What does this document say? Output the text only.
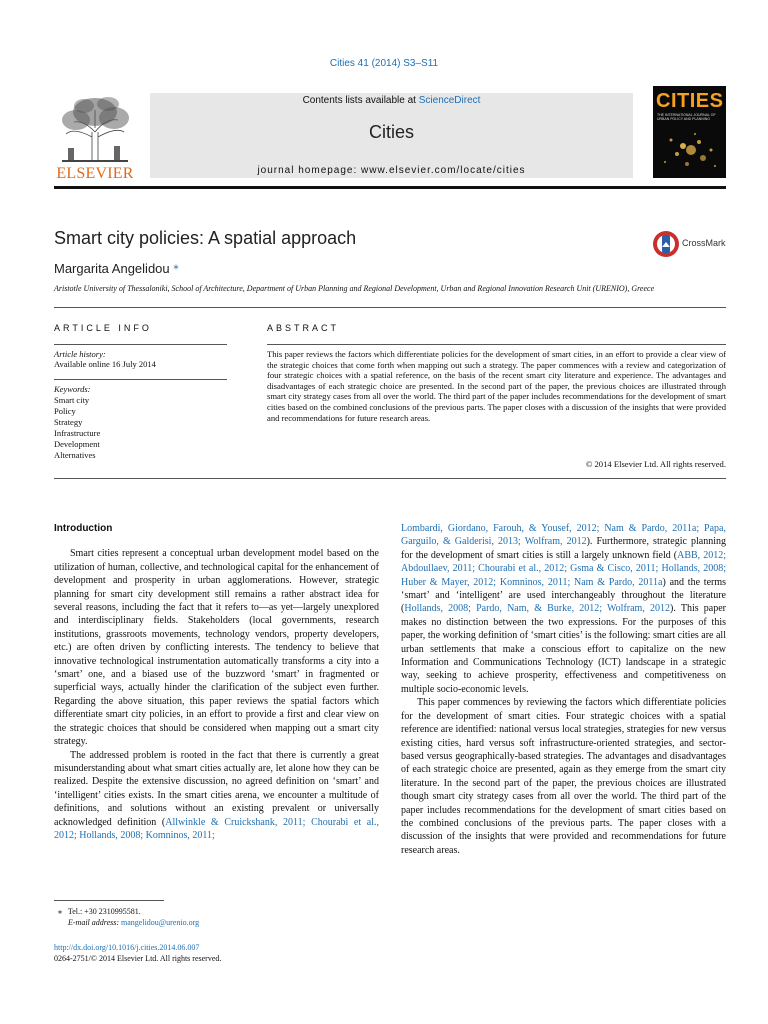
Cities 41 (2014) S3–S11
ELSEVIER
Contents lists available at ScienceDirect
Cities
journal homepage: www.elsevier.com/locate/cities
CITIES
THE INTERNATIONAL JOURNAL OF URBAN POLICY AND PLANNING
Smart city policies: A spatial approach	CrossMark
Margarita Angelidou ⁎
Aristotle University of Thessaloniki, School of Architecture, Department of Urban Planning and Regional Development, Urban and Regional Innovation Research Unit (URENIO), Greece
ARTICLE INFO
Article history:
Available online 16 July 2014
Keywords:
Smart city
Policy
Strategy
Infrastructure
Development
Alternatives
ABSTRACT
This paper reviews the factors which differentiate policies for the development of smart cities, in an effort to provide a clear view of the strategic choices that come forth when mapping out such a strategy. The paper commences with a review and categorization of four strategic choices with a spatial reference, on the basis of the recent smart city literature and experience. The advantages and disadvantages of each strategic choice are presented. In the second part of the paper, the previous choices are illustrated through smart city strategy cases from all over the world. The third part of the paper includes recommendations for the development of smart cities based on the combined conclusions of the previous parts. The paper closes with a discussion of the insights that were provided and recommendations for future research areas.
© 2014 Elsevier Ltd. All rights reserved.
Introduction

Smart cities represent a conceptual urban development model based on the utilization of human, collective, and technological capital for the enhancement of development and prosperity in urban agglomerations. However, strategic planning for smart city development still remains a rather abstract idea for several reasons, including the fact that it refers to—as yet—largely unexplored and interdisciplinary fields. Stakeholders (local governments, research institutions, grassroots movements, technology vendors, property developers, etc.) are often driven by conflicting interests. The tendency to believe that innovative technological instrumentation automatically transforms a city into a ‘smart’ one, and a biased use of the buzzword ‘smart’ in fragmented or superficial ways, actually hinder the clarification of the subject even further. Regarding the above situation, this paper reviews the spatial factors which differentiate smart city policies, in an effort to provide a first and clear view on the strategic choices that should be considered when mapping out a smart city strategy.

The addressed problem is rooted in the fact that there is currently a great misunderstanding about what smart cities actually are, let alone how they can be realized. Despite the extensive discussion, no agreed definition on ‘smart’ and ‘intelligent’ cities exists. In the smart cities arena, we encounter a multitude of definitions, and solutions without an existing prevalent or universally acknowledged definition (Allwinkle & Cruickshank, 2011; Chourabi et al., 2012; Hollands, 2008; Komninos, 2011;

Lombardi, Giordano, Farouh, & Yousef, 2012; Nam & Pardo, 2011a; Papa, Garguilo, & Galderisi, 2013; Wolfram, 2012). Furthermore, strategic planning for the development of smart cities is still a largely unknown field (ABB, 2012; Abdoullaev, 2011; Chourabi et al., 2012; Gsma & Cisco, 2011; Hollands, 2008; Huber & Mayer, 2012; Komninos, 2011; Nam & Pardo, 2011a) and the terms ‘smart’ and ‘intelligent’ are used interchangeably throughout the literature (Hollands, 2008; Pardo, Nam, & Burke, 2012; Wolfram, 2012). This paper makes no distinction between the two expressions. For the purposes of this paper, the working definition of ‘smart cities’ is the following: smart cities are all urban settlements that make a conscious effort to capitalize on the new Information and Communications Technology (ICT) landscape in a strategic way, seeking to achieve prosperity, effectiveness and competitiveness on multiple socio-economic levels.

This paper commences by reviewing the factors which differentiate policies for the development of smart cities. Four strategic choices with a spatial reference are identified: national versus local strategies, strategies for new versus existing cities, hard versus soft infrastructure-oriented strategies, and sector-based versus geographically-based strategies. The advantages and disadvantages of each strategic choice are presented, again as they emerge from the smart city literature. In the second part of the paper, the previous choices are illustrated though smart city strategy cases from all over the world. The third part of the paper includes recommendations for the development of smart cities based on the combined conclusions of the previous parts. The paper closes with a discussion of the insights that were provided and recommendations for future research areas.

⁎ Tel.: +30 2310995581.
E-mail address: mangelidou@urenio.org
http://dx.doi.org/10.1016/j.cities.2014.06.007
0264-2751/© 2014 Elsevier Ltd. All rights reserved.
